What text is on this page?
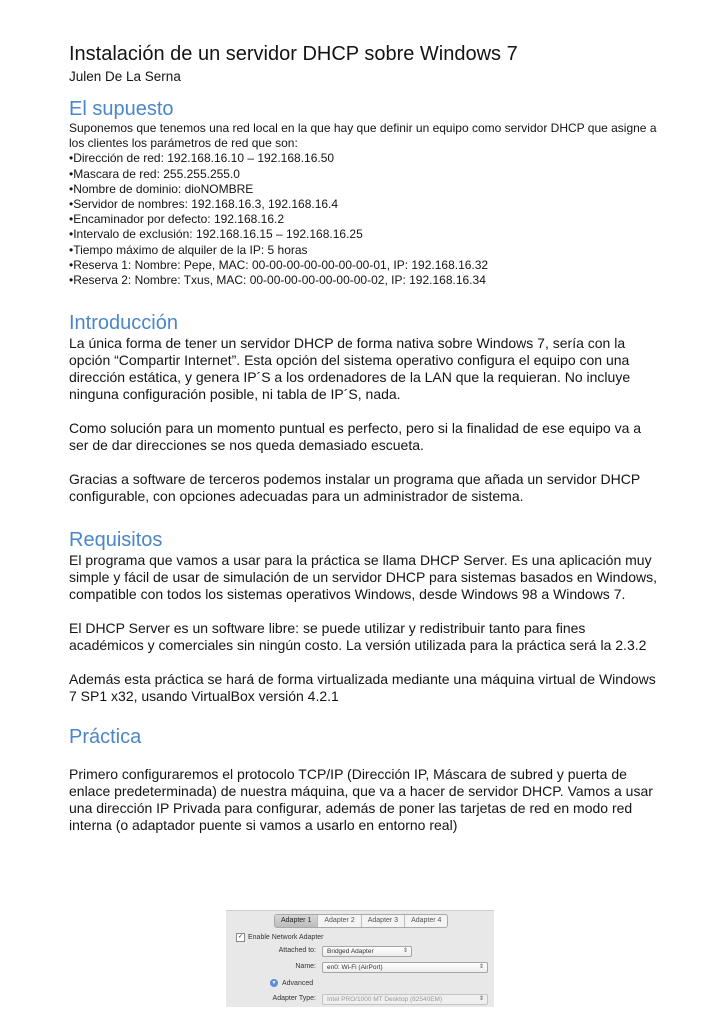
Instalación de un servidor DHCP sobre Windows 7

Julen De La Serna

El supuesto

Suponemos que tenemos una red local en la que hay que definir un equipo como servidor DHCP que asigne a los clientes los parámetros de red que son:

• Dirección de red: 192.168.16.10 – 192.168.16.50
• Mascara de red: 255.255.255.0
• Nombre de dominio: dioNOMBRE
• Servidor de nombres: 192.168.16.3, 192.168.16.4
• Encaminador por defecto: 192.168.16.2
• Intervalo de exclusión: 192.168.16.15 – 192.168.16.25
• Tiempo máximo de alquiler de la IP: 5 horas
• Reserva 1: Nombre: Pepe, MAC: 00-00-00-00-00-00-00-01, IP: 192.168.16.32
• Reserva 2: Nombre: Txus, MAC: 00-00-00-00-00-00-00-02, IP: 192.168.16.34
Introducción

La única forma de tener un servidor DHCP de forma nativa sobre Windows 7, sería con la opción “Compartir Internet”. Esta opción del sistema operativo configura el equipo con una dirección estática, y genera IP´S a los ordenadores de la LAN que la requieran. No incluye ninguna configuración posible, ni tabla de IP´S, nada.

Como solución para un momento puntual es perfecto, pero si la finalidad de ese equipo va a ser de dar direcciones se nos queda demasiado escueta.

Gracias a software de terceros podemos instalar un programa que añada un servidor DHCP configurable, con opciones adecuadas para un administrador de sistema.

Requisitos

El programa que vamos a usar para la práctica se llama DHCP Server. Es una aplicación muy simple y fácil de usar de simulación de un servidor DHCP para sistemas basados en Windows, compatible con todos los sistemas operativos Windows, desde Windows 98 a Windows 7.

El DHCP Server es un software libre: se puede utilizar y redistribuir tanto para fines académicos y comerciales sin ningún costo. La versión utilizada para la práctica será la 2.3.2

Además esta práctica se hará de forma virtualizada mediante una máquina virtual de Windows 7 SP1 x32, usando VirtualBox versión 4.2.1

Práctica

Primero configuraremos el protocolo TCP/IP (Dirección IP, Máscara de subred y puerta de enlace predeterminada) de nuestra máquina, que va a hacer de servidor DHCP. Vamos a usar una dirección IP Privada para configurar, además de poner las tarjetas de red en modo red interna (o adaptador puente si vamos a usarlo en entorno real)

Adapter 1	Adapter 2	Adapter 3	Adapter 4
✓ Enable Network Adapter
Attached to:	Bridged Adapter	⇕
Name:	en0: Wi-Fi (AirPort)	⇕
▼ Advanced
Adapter Type:	Intel PRO/1000 MT Desktop (82540EM)	⇕
